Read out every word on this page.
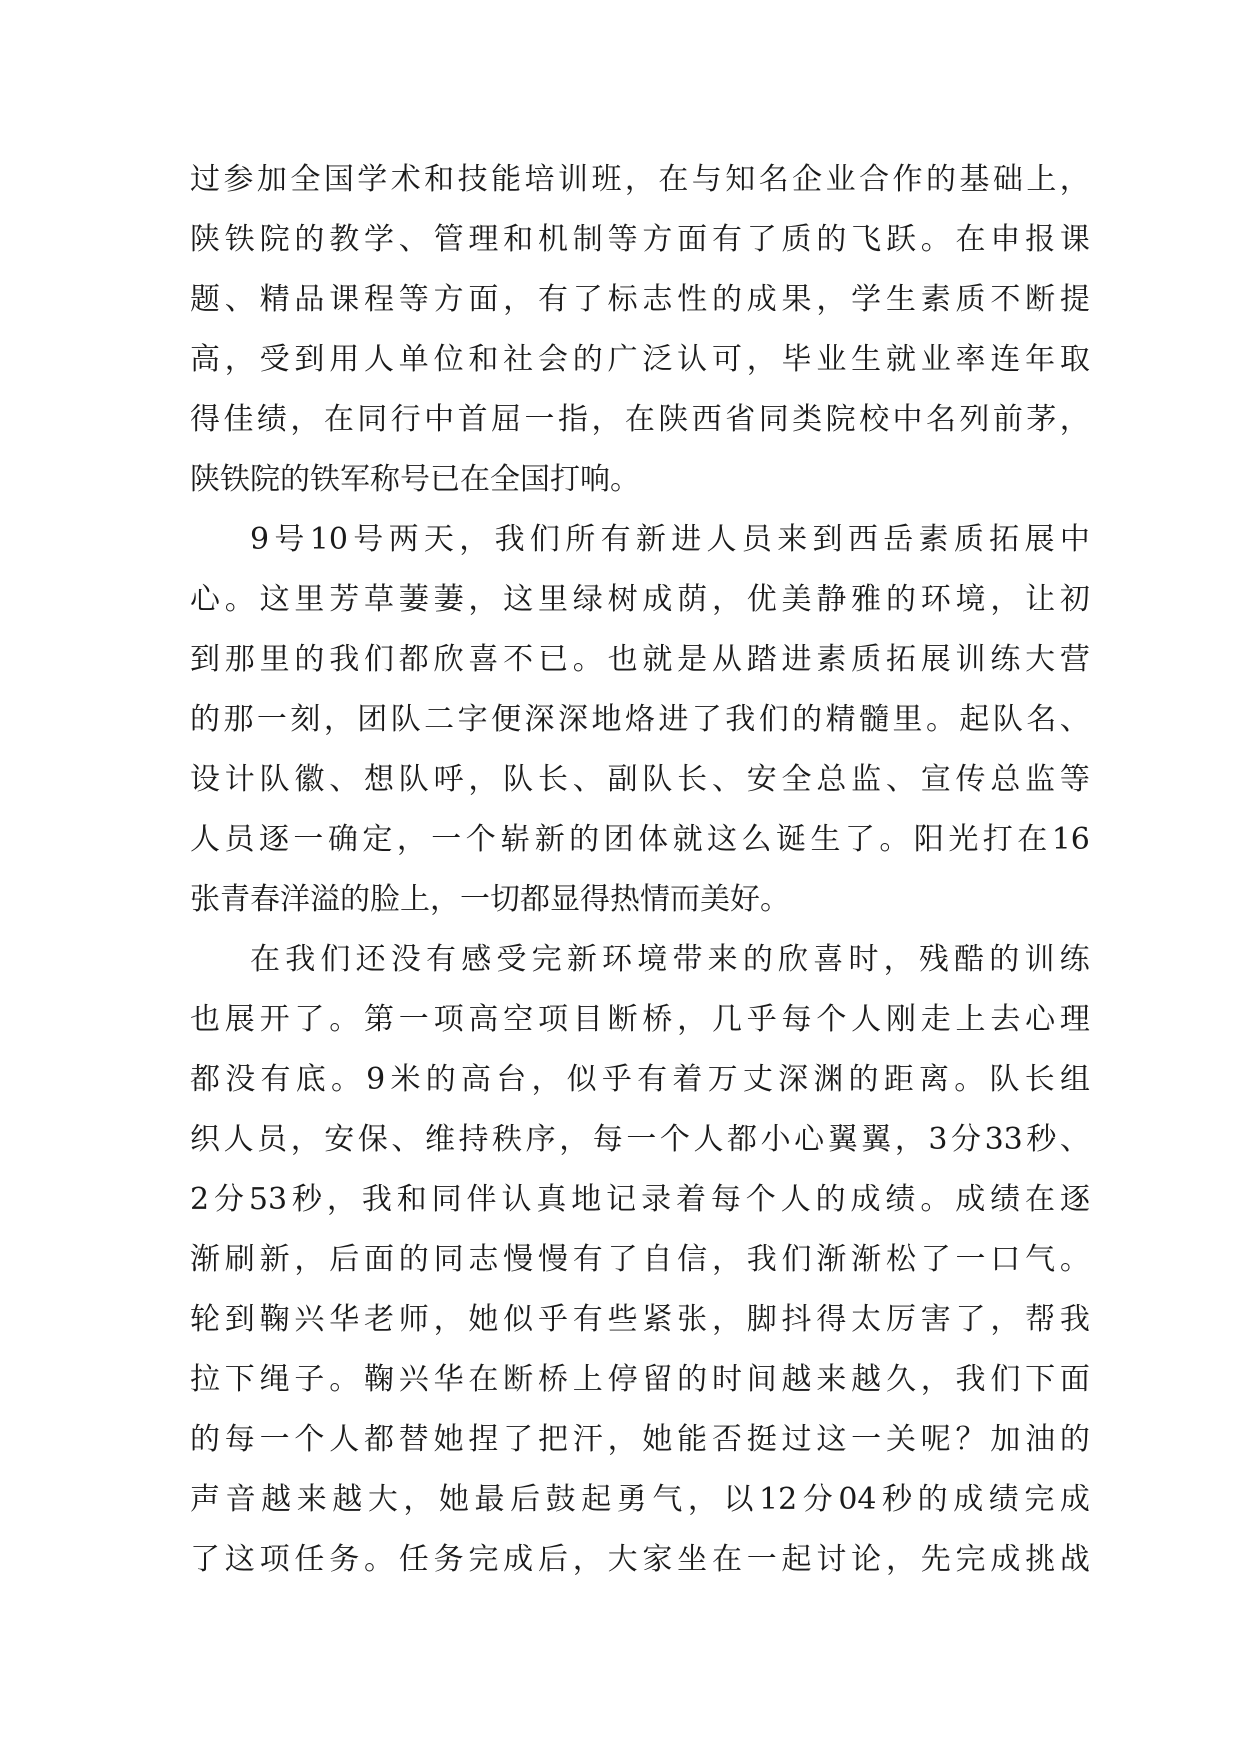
过 参 加 全 国 学 术 和 技 能 培 训 班 ， 在 与 知 名 企 业 合 作 的 基 础 上 ，
陕 铁 院 的 教 学 、 管 理 和 机 制 等 方 面 有 了 质 的 飞 跃 。 在 申 报 课
题 、 精 品 课 程 等 方 面 ， 有 了 标 志 性 的 成 果 ， 学 生 素 质 不 断 提
高 ， 受 到 用 人 单 位 和 社 会 的 广 泛 认 可 ， 毕 业 生 就 业 率 连 年 取
得 佳 绩 ， 在 同 行 中 首 屈 一 指 ， 在 陕 西 省 同 类 院 校 中 名 列 前 茅 ，
陕铁院的铁军称号已在全国打响。
9 号 10 号 两 天 ， 我 们 所 有 新 进 人 员 来 到 西 岳 素 质 拓 展 中
心 。 这 里 芳 草 萋 萋 ， 这 里 绿 树 成 荫 ， 优 美 静 雅 的 环 境 ， 让 初
到 那 里 的 我 们 都 欣 喜 不 已 。 也 就 是 从 踏 进 素 质 拓 展 训 练 大 营
的 那 一 刻 ， 团 队 二 字 便 深 深 地 烙 进 了 我 们 的 精 髓 里 。 起 队 名 、
设 计 队 徽 、 想 队 呼 ， 队 长 、 副 队 长 、 安 全 总 监 、 宣 传 总 监 等
人 员 逐 一 确 定 ， 一 个 崭 新 的 团 体 就 这 么 诞 生 了 。 阳 光 打 在 16
张青春洋溢的脸上，一切都显得热情而美好。
在 我 们 还 没 有 感 受 完 新 环 境 带 来 的 欣 喜 时 ， 残 酷 的 训 练
也 展 开 了 。 第 一 项 高 空 项 目 断 桥 ， 几 乎 每 个 人 刚 走 上 去 心 理
都 没 有 底 。 9 米 的 高 台 ， 似 乎 有 着 万 丈 深 渊 的 距 离 。 队 长 组
织 人 员 ， 安 保 、 维 持 秩 序 ， 每 一 个 人 都 小 心 翼 翼 ， 3 分 33 秒 、
2 分 53 秒 ， 我 和 同 伴 认 真 地 记 录 着 每 个 人 的 成 绩 。 成 绩 在 逐
渐 刷 新 ， 后 面 的 同 志 慢 慢 有 了 自 信 ， 我 们 渐 渐 松 了 一 口 气 。
轮 到 鞠 兴 华 老 师 ， 她 似 乎 有 些 紧 张 ， 脚 抖 得 太 厉 害 了 ， 帮 我
拉 下 绳 子 。 鞠 兴 华 在 断 桥 上 停 留 的 时 间 越 来 越 久 ， 我 们 下 面
的 每 一 个 人 都 替 她 捏 了 把 汗 ， 她 能 否 挺 过 这 一 关 呢 ？ 加 油 的
声 音 越 来 越 大 ， 她 最 后 鼓 起 勇 气 ， 以 12 分 04 秒 的 成 绩 完 成
了 这 项 任 务 。 任 务 完 成 后 ， 大 家 坐 在 一 起 讨 论 ， 先 完 成 挑 战
